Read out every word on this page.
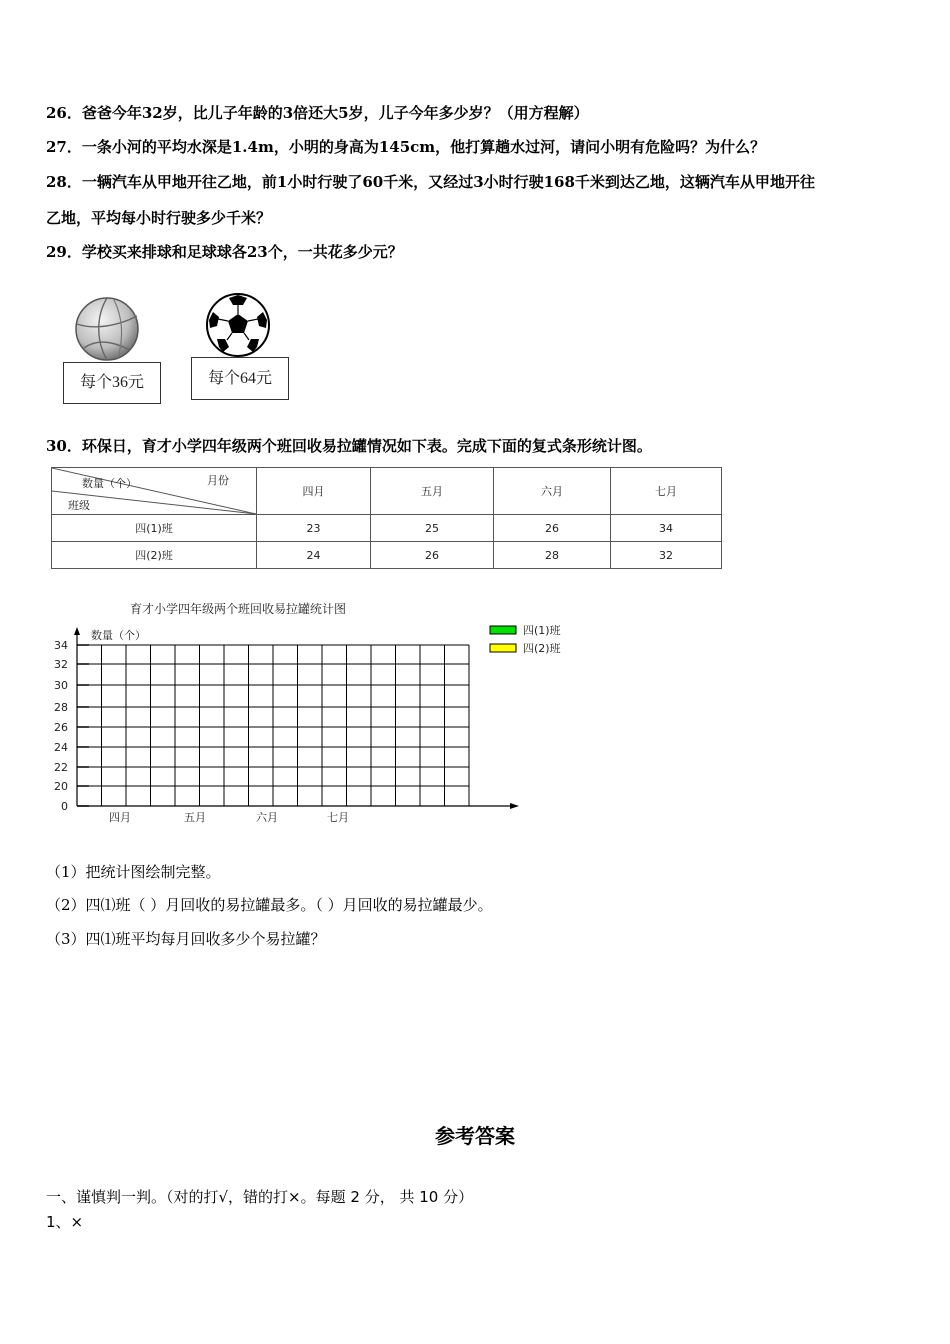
26．爸爸今年32岁，比儿子年龄的3倍还大5岁，儿子今年多少岁？（用方程解）
27．一条小河的平均水深是1.4m，小明的身高为145cm，他打算趟水过河，请问小明有危险吗？为什么？
28．一辆汽车从甲地开往乙地，前1小时行驶了60千米，又经过3小时行驶168千米到达乙地，这辆汽车从甲地开往
乙地，平均每小时行驶多少千米？
29．学校买来排球和足球球各23个，一共花多少元？
每个36元	每个64元
30．环保日，育才小学四年级两个班回收易拉罐情况如下表。完成下面的复式条形统计图。
数量（个） 月份
班级	四月	五月	六月	七月
四(1)班	23	25	26	34
四(2)班	24	26	28	32
育才小学四年级两个班回收易拉罐统计图
数量（个）
34
32
30
28
26
24
22
20
0
四月	五月	六月	七月
四(1)班
四(2)班
（1）把统计图绘制完整。
（2）四⑴班（ ）月回收的易拉罐最多。（ ）月回收的易拉罐最少。
（3）四⑴班平均每月回收多少个易拉罐？
参考答案
一、谨慎判一判。（对的打√，错的打×。每题 2 分， 共 10 分）
1、×
